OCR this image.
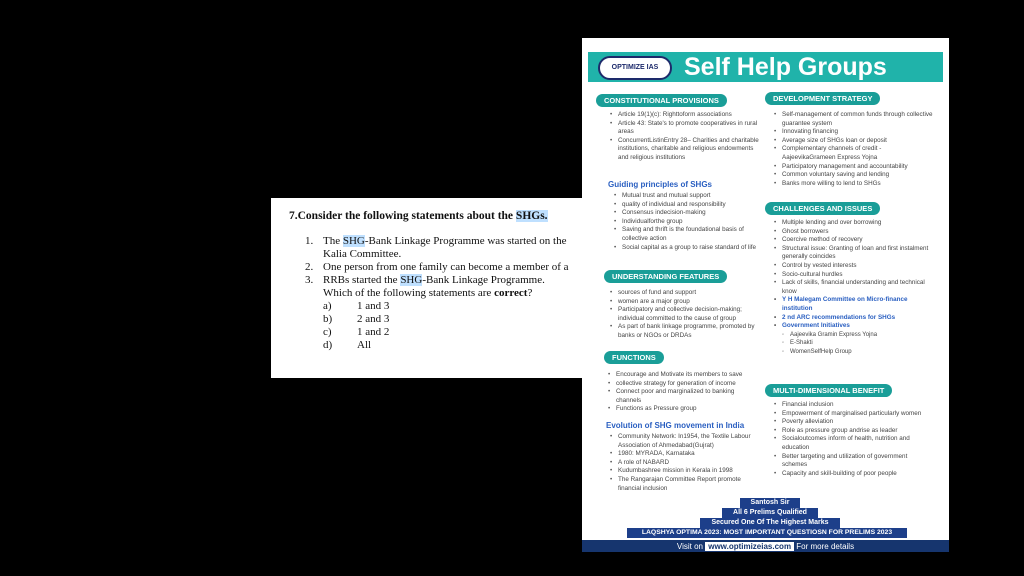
7.Consider the following statements about the SHGs.
1. The SHG-Bank Linkage Programme was started on the
Kalia Committee.
2. One person from one family can become a member of a
3. RRBs started the SHG-Bank Linkage Programme.
Which of the following statements are correct?
a)	1 and 3
b)	2 and 3
c)	1 and 2
d)	All
OPTIMIZE IAS	Self Help Groups
CONSTITUTIONAL PROVISIONS
• Article 19(1)(c): Righttoform associations
• Article 43: State's to promote cooperatives in rural areas
• ConcurrentListinEntry 28– Charities and charitable institutions, charitable and religious endowments and religious institutions
Guiding principles of SHGs
• Mutual trust and mutual support
• quality of individual and responsibility
• Consensus indecision-making
• Individualforthe group
• Saving and thrift is the foundational basis of collective action
• Social capital as a group to raise standard of life
UNDERSTANDING FEATURES
• sources of fund and support
• women are a major group
• Participatory and collective decision-making; individual committed to the cause of group
• As part of bank linkage programme, promoted by banks or NGOs or DRDAs
FUNCTIONS
• Encourage and Motivate its members to save
• collective strategy for generation of income
• Connect poor and marginalized to banking channels
• Functions as Pressure group
Evolution of SHG movement in India
• Community Network: In1954, the Textile Labour Association of Ahmedabad(Gujrat)
• 1980: MYRADA, Karnataka
• A role of NABARD
• Kudumbashree mission in Kerala in 1998
• The Rangarajan Committee Report promote financial inclusion
DEVELOPMENT STRATEGY
• Self-management of common funds through collective guarantee system
• Innovating financing
• Average size of SHGs loan or deposit
• Complementary channels of credit - AajeevikaGrameen Express Yojna
• Participatory management and accountability
• Common voluntary saving and lending
• Banks more willing to lend to SHGs
CHALLENGES AND ISSUES
• Multiple lending and over borrowing
• Ghost borrowers
• Coercive method of recovery
• Structural issue: Granting of loan and first instalment generally coincides
• Control by vested interests
• Socio-cultural hurdles
• Lack of skills, financial understanding and technical know
• Y H Malegam Committee on Micro-finance institution
• 2 nd ARC recommendations for SHGs
• Government Initiatives
◦ Aajeevika Gramin Express Yojna
◦ E-Shakti
◦ WomenSelfHelp Group
MULTI-DIMENSIONAL BENEFIT
• Financial inclusion
• Empowerment of marginalised particularly women
• Poverty alleviation
• Role as pressure group andrise as leader
• Socialoutcomes inform of health, nutrition and education
• Better targeting and utilization of government schemes
• Capacity and skill-building of poor people
Santosh Sir
All 6 Prelims Qualified
Secured One Of The Highest Marks
LAQSHYA OPTIMA 2023: MOST IMPORTANT QUESTIOSN FOR PRELIMS 2023
Visit on www.optimizeias.com For more details
